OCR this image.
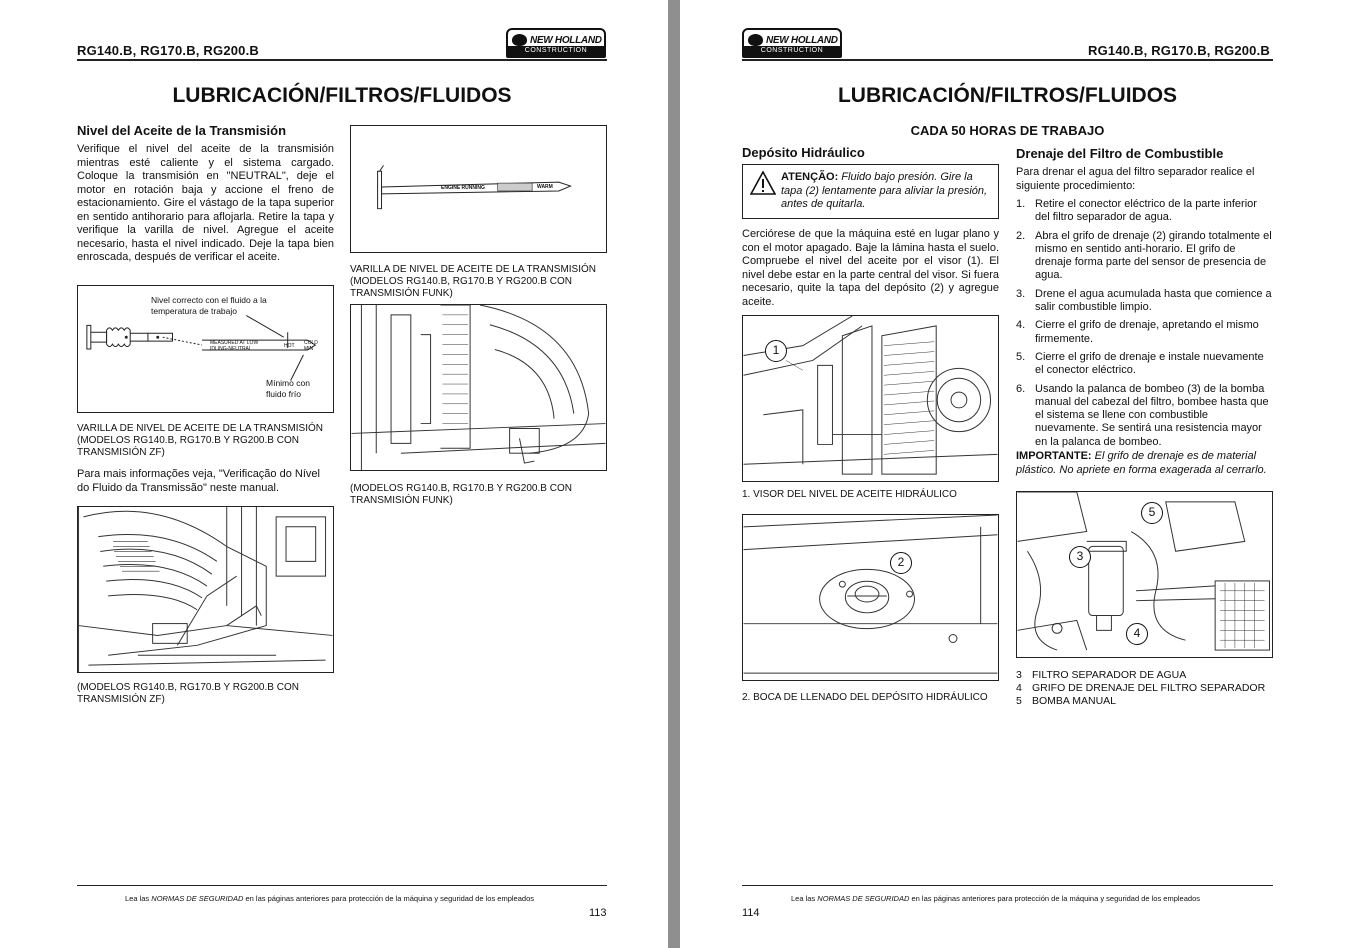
RG140.B, RG170.B, RG200.B
NEW HOLLAND
CONSTRUCTION
LUBRICACIÓN/FILTROS/FLUIDOS
Nivel del Aceite de la Transmisión
Verifique el nivel del aceite de la transmisión mientras esté caliente y el sistema cargado. Coloque la transmisión en "NEUTRAL", deje el motor en rotación baja y accione el freno de estacionamiento. Gire el vástago de la tapa superior en sentido antihorario para aflojarla. Retire la tapa y verifique la varilla de nivel. Agregue el aceite necesario, hasta el nivel indicado. Deje la tapa bien enroscada, después de verificar el aceite.
Nivel correcto con el fluido a la temperatura de trabajo
MEASURED AT LOW IDLING-NEUTRAL	HOT COLD MIN
Mínimo con fluido frío
VARILLA DE NIVEL DE ACEITE DE LA TRANSMISIÓN (MODELOS RG140.B, RG170.B Y RG200.B CON TRANSMISIÓN ZF)
Para mais informações veja, "Verificação do Nível do Fluido da Transmissão" neste manual.
(MODELOS RG140.B, RG170.B Y RG200.B CON TRANSMISIÓN ZF)
ENGINE RUNNING	WARM
VARILLA DE NIVEL DE ACEITE DE LA TRANSMISIÓN (MODELOS RG140.B, RG170.B Y RG200.B CON TRANSMISIÓN FUNK)
(MODELOS RG140.B, RG170.B Y RG200.B CON TRANSMISIÓN FUNK)
Lea las NORMAS DE SEGURIDAD en las páginas anteriores para protección de la máquina y seguridad de los empleados
113
NEW HOLLAND
CONSTRUCTION	RG140.B, RG170.B, RG200.B
LUBRICACIÓN/FILTROS/FLUIDOS
CADA 50 HORAS DE TRABAJO
Depósito Hidráulico
ATENÇÃO: Fluido bajo presión. Gire la tapa (2) lentamente para aliviar la presión, antes de quitarla.
Cerciórese de que la máquina esté en lugar plano y con el motor apagado. Baje la lámina hasta el suelo. Compruebe el nivel del aceite por el visor (1). El nivel debe estar en la parte central del visor. Si fuera necesario, quite la tapa del depósito (2) y agregue aceite.
1
1. VISOR DEL NIVEL DE ACEITE HIDRÁULICO
2
2. BOCA DE LLENADO DEL DEPÓSITO HIDRÁULICO
Drenaje del Filtro de Combustible
Para drenar el agua del filtro separador realice el siguiente procedimiento:
1. Retire el conector eléctrico de la parte inferior del filtro separador de agua.
2. Abra el grifo de drenaje (2) girando totalmente el mismo en sentido anti-horario. El grifo de drenaje forma parte del sensor de presencia de agua.
3. Drene el agua acumulada hasta que comience a salir combustible limpio.
4. Cierre el grifo de drenaje, apretando el mismo firmemente.
5. Cierre el grifo de drenaje e instale nuevamente el conector eléctrico.
6. Usando la palanca de bombeo (3) de la bomba manual del cabezal del filtro, bombee hasta que el sistema se llene con combustible nuevamente. Se sentirá una resistencia mayor en la palanca de bombeo.
IMPORTANTE: El grifo de drenaje es de material plástico. No apriete en forma exagerada al cerrarlo.
5
3
4
3 FILTRO SEPARADOR DE AGUA
4 GRIFO DE DRENAJE DEL FILTRO SEPARADOR
5 BOMBA MANUAL
Lea las NORMAS DE SEGURIDAD en las páginas anteriores para protección de la máquina y seguridad de los empleados
114
